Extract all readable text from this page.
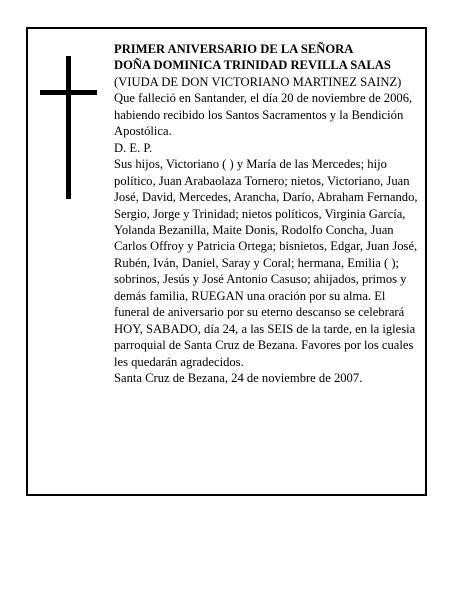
PRIMER ANIVERSARIO DE LA SEÑORA

DOÑA DOMINICA TRINIDAD REVILLA SALAS

(VIUDA DE DON VICTORIANO MARTINEZ SAINZ)

Que falleció en Santander, el día 20 de noviembre de 2006,

habiendo recibido los Santos Sacramentos y la Bendición Apostólica.

D. E. P.

Sus hijos, Victoriano ( ) y María de las Mercedes; hijo político, Juan Arabaolaza Tornero; nietos, Victoriano, Juan José, David, Mercedes, Arancha, Darío, Abraham Fernando, Sergio, Jorge y Trinidad; nietos políticos, Virginia García, Yolanda Bezanilla, Maite Donis, Rodolfo Concha, Juan Carlos Offroy y Patricia Ortega; bisnietos, Edgar, Juan José, Rubén, Iván, Daniel, Saray y Coral; hermana, Emilia ( ); sobrinos, Jesús y José Antonio Casuso; ahijados, primos y demás familia, RUEGAN una oración por su alma. El funeral de aniversario por su eterno descanso se celebrará HOY, SABADO, día 24, a las SEIS de la tarde, en la iglesia parroquial de Santa Cruz de Bezana. Favores por los cuales les quedarán agradecidos.

Santa Cruz de Bezana, 24 de noviembre de 2007.
